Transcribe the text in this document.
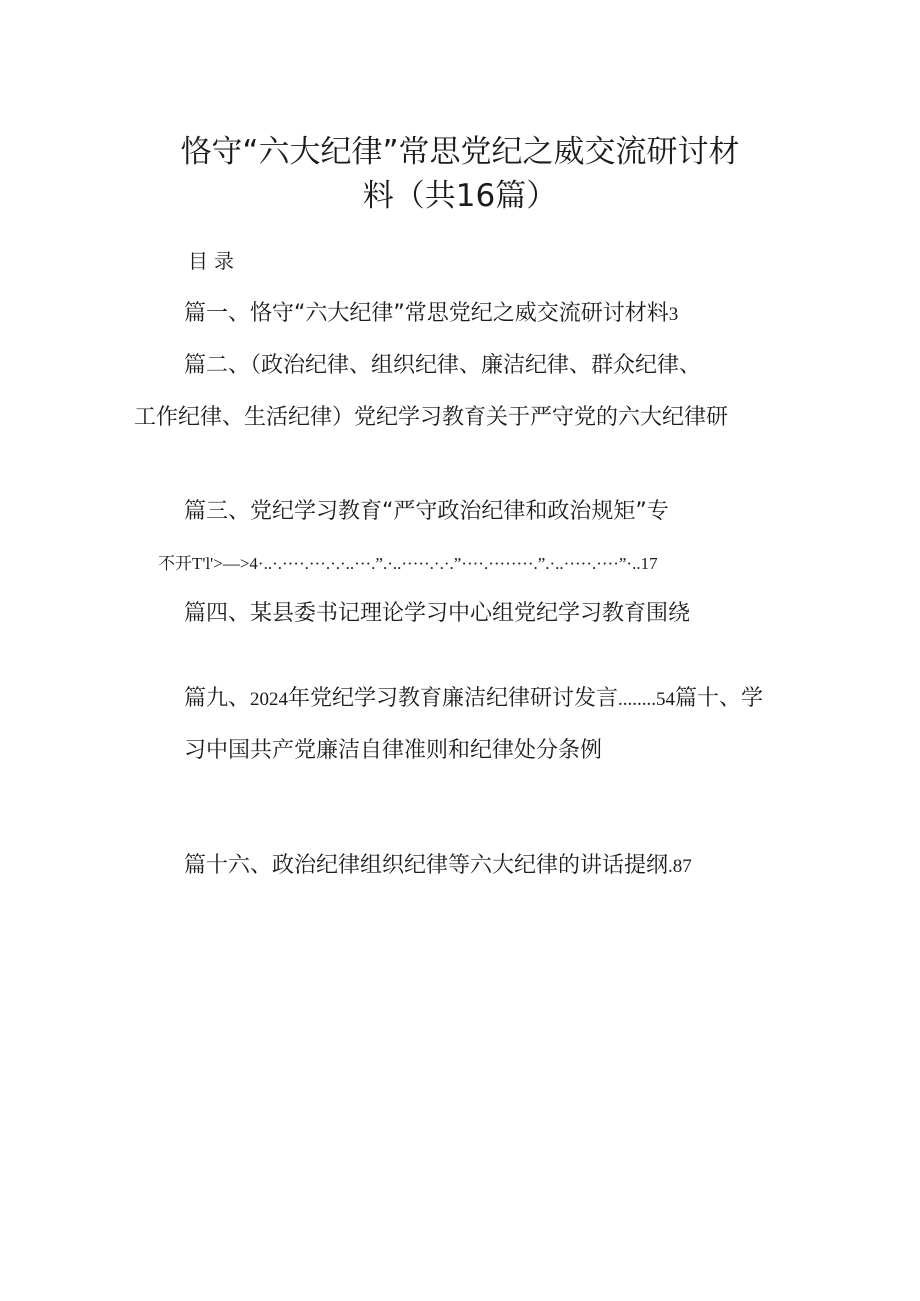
恪守“六大纪律”常思党纪之威交流研讨材
料（共16篇）
目录
篇一、恪守“六大纪律”常思党纪之威交流研讨材料3
篇二、（政治纪律、组织纪律、廉洁纪律、群众纪律、
工作纪律、生活纪律）党纪学习教育关于严守党的六大纪律研
篇三、党纪学习教育“严守政治纪律和政治规矩”专
不开T'l'>—>4·..·.····.···.·.·..···.”.·..·····.·.·.”····.········.”.·..·····.····”·..17
篇四、某县委书记理论学习中心组党纪学习教育围绕
篇九、2024年党纪学习教育廉洁纪律研讨发言........54篇十、学
习中国共产党廉洁自律准则和纪律处分条例
篇十六、政治纪律组织纪律等六大纪律的讲话提纲.87
